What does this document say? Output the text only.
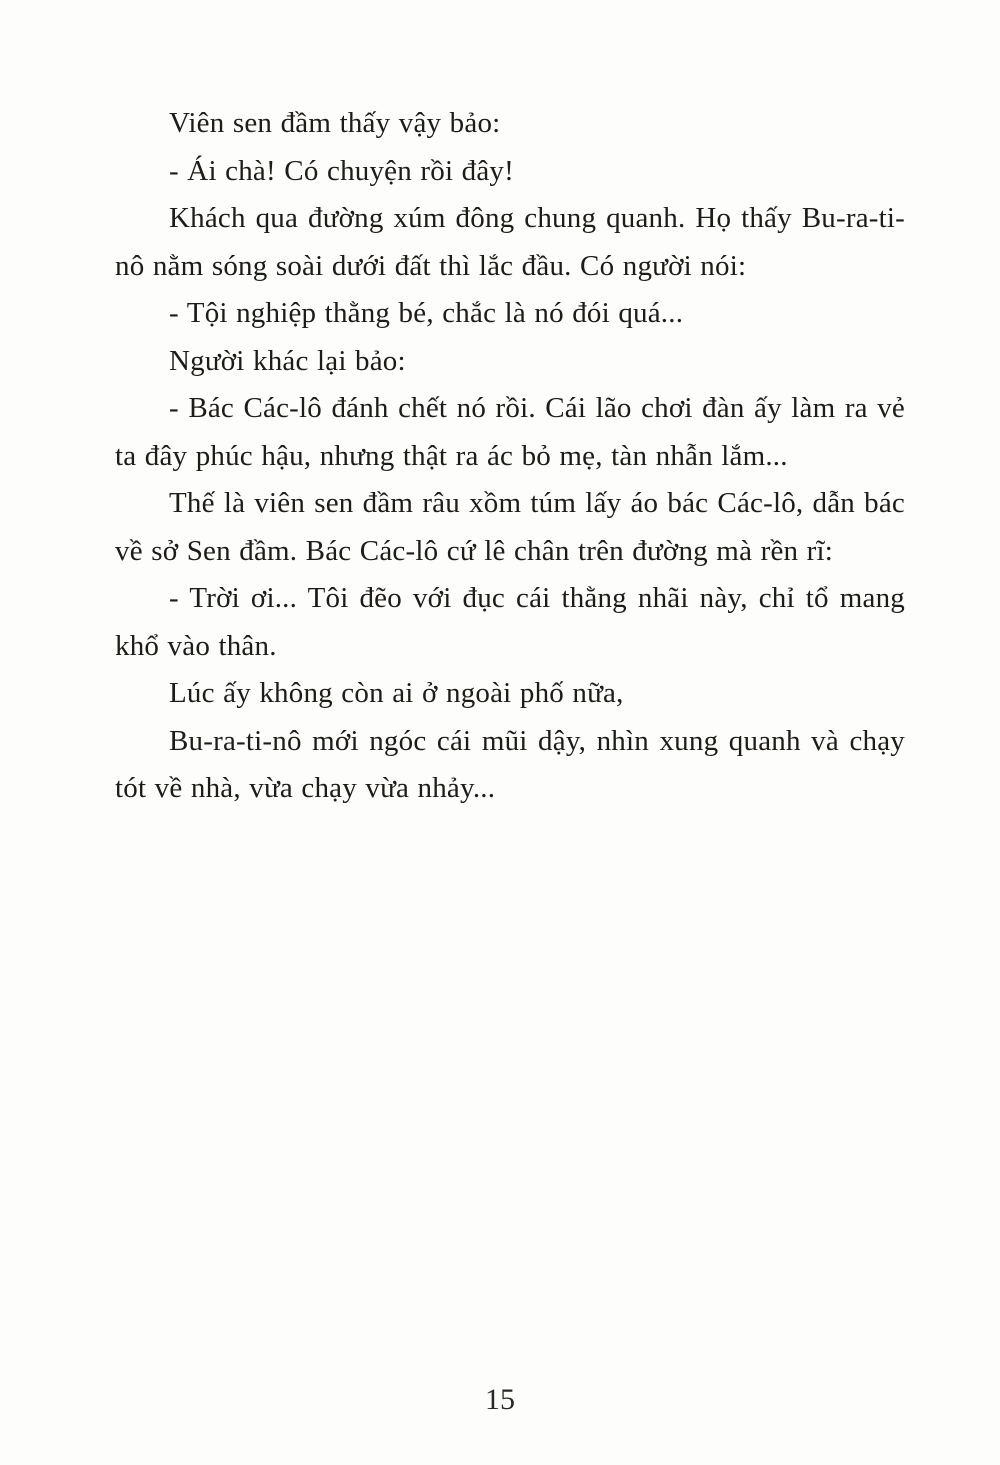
Viên sen đầm thấy vậy bảo:

- Ái chà! Có chuyện rồi đây!

Khách qua đường xúm đông chung quanh. Họ thấy Bu-ra-ti-nô nằm sóng soài dưới đất thì lắc đầu. Có người nói:

- Tội nghiệp thằng bé, chắc là nó đói quá...

Người khác lại bảo:

- Bác Các-lô đánh chết nó rồi. Cái lão chơi đàn ấy làm ra vẻ ta đây phúc hậu, nhưng thật ra ác bỏ mẹ, tàn nhẫn lắm...

Thế là viên sen đầm râu xồm túm lấy áo bác Các-lô, dẫn bác về sở Sen đầm. Bác Các-lô cứ lê chân trên đường mà rền rĩ:

- Trời ơi... Tôi đẽo với đục cái thằng nhãi này, chỉ tổ mang khổ vào thân.

Lúc ấy không còn ai ở ngoài phố nữa,

Bu-ra-ti-nô mới ngóc cái mũi dậy, nhìn xung quanh và chạy tót về nhà, vừa chạy vừa nhảy...

15
